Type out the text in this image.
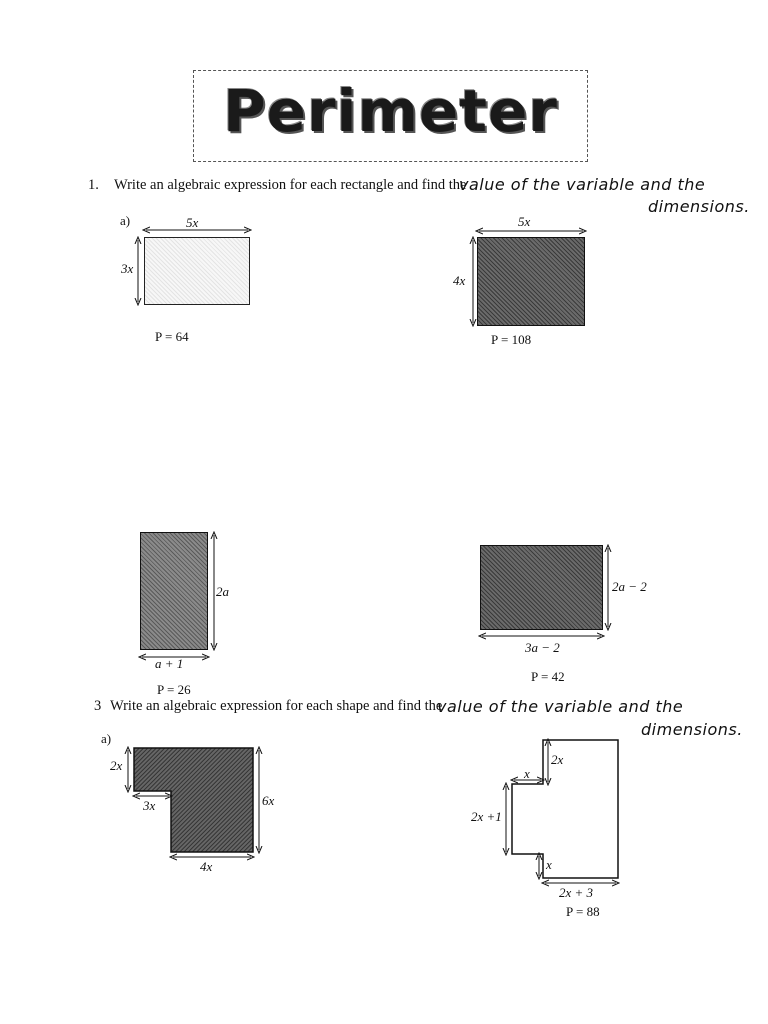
Perimeter
1. Write an algebraic expression for each rectangle and find the
value of the variable and the
dimensions.
a)	5x
3x
P = 64
5x
4x
P = 108
2a
a + 1
P = 26
2a − 2
3a − 2
P = 42
3 Write an algebraic expression for each shape and find the
value of the variable and the
dimensions.
a)
2x
3x	6x
4x
2x
x
2x +1
x
2x + 3
P = 88
